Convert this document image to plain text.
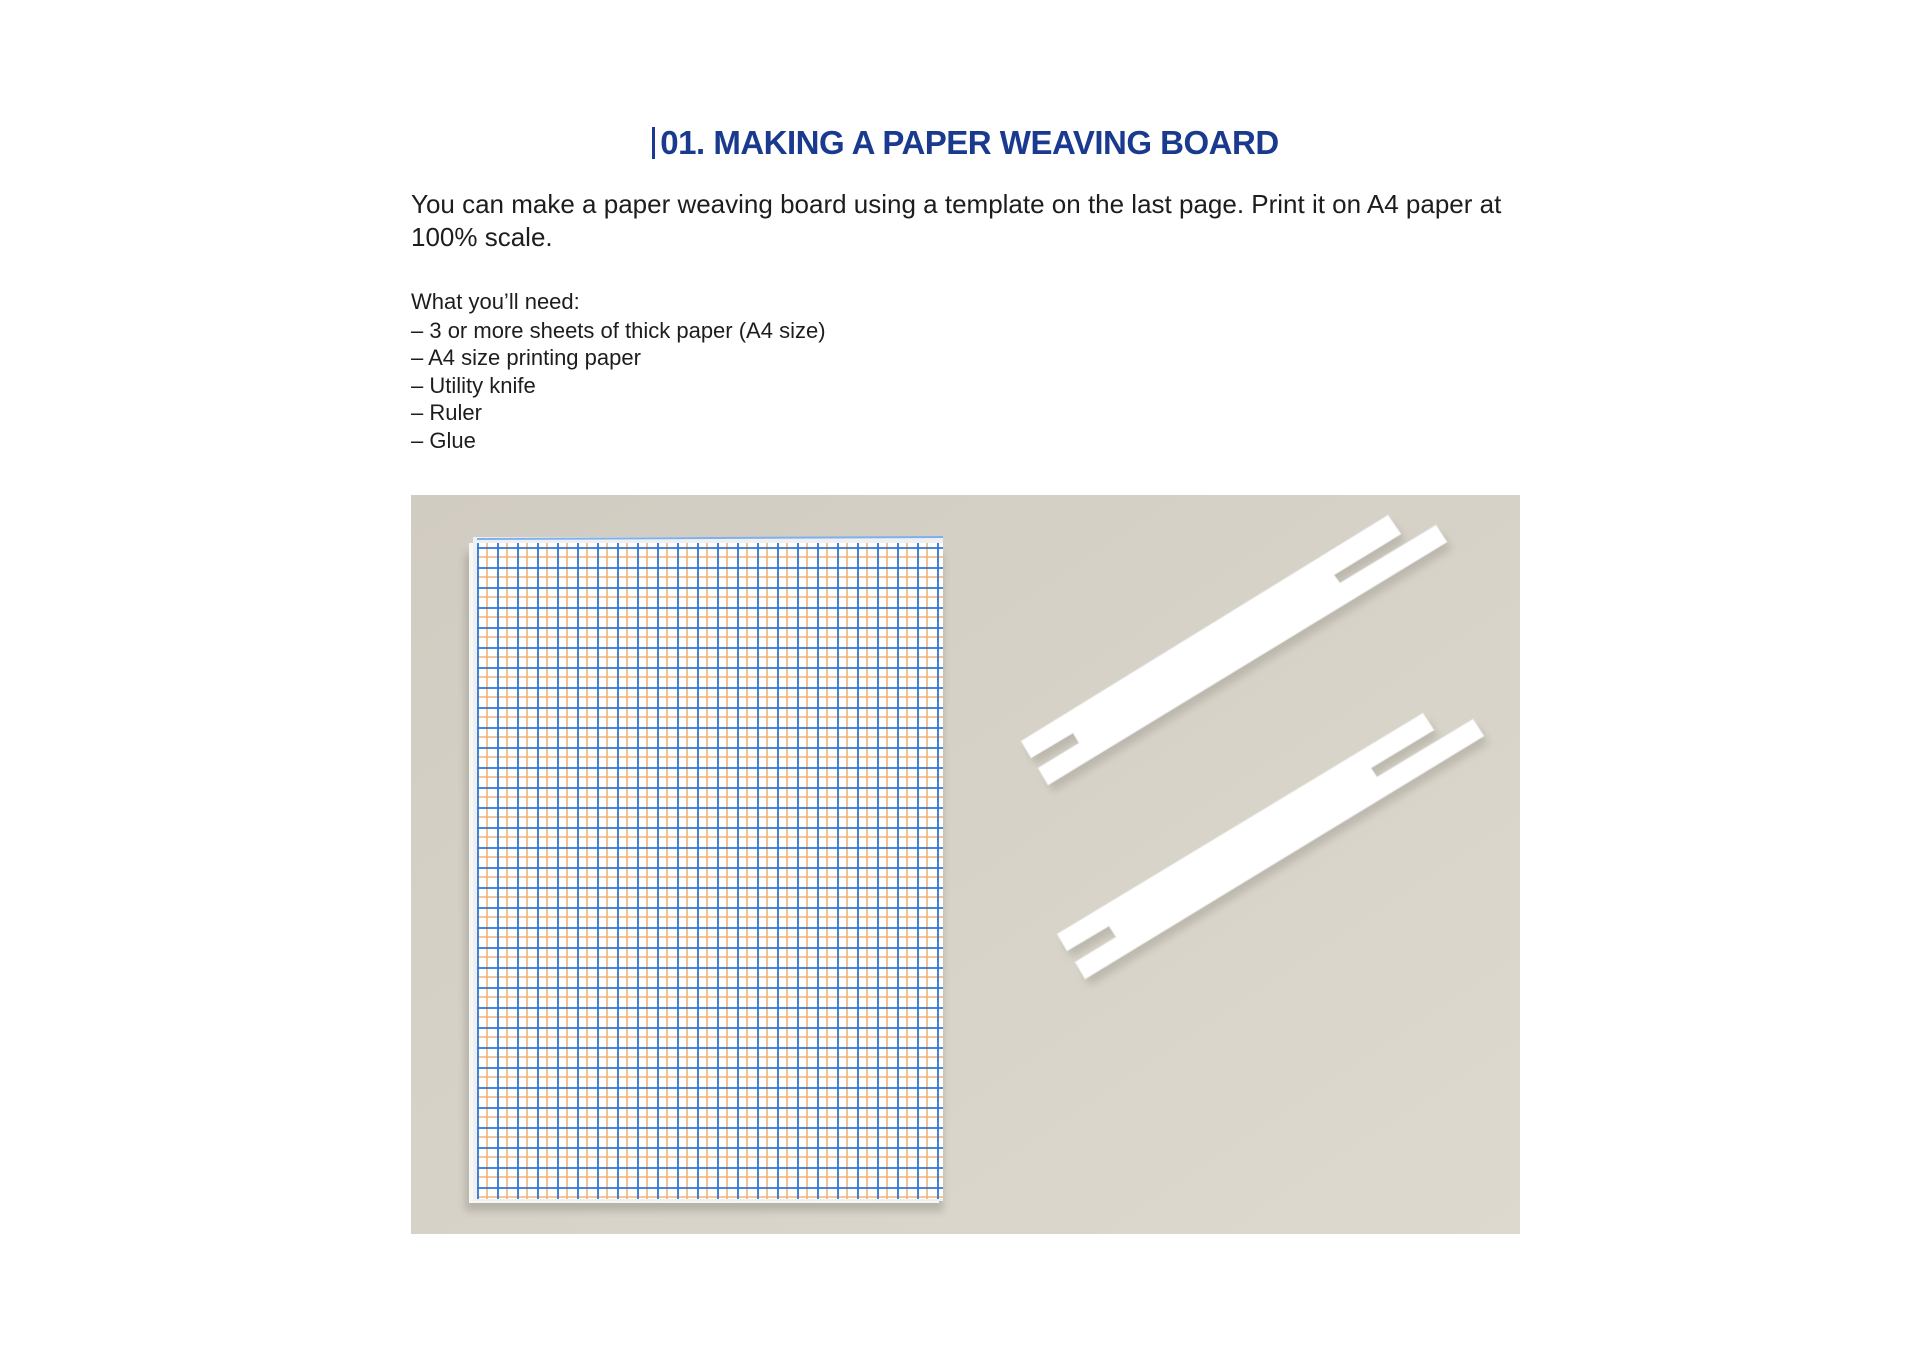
01. MAKING A PAPER WEAVING BOARD
You can make a paper weaving board using a template on the last page. Print it on A4 paper at 100% scale.
What you’ll need:
– 3 or more sheets of thick paper (A4 size)
– A4 size printing paper
– Utility knife
– Ruler
– Glue
